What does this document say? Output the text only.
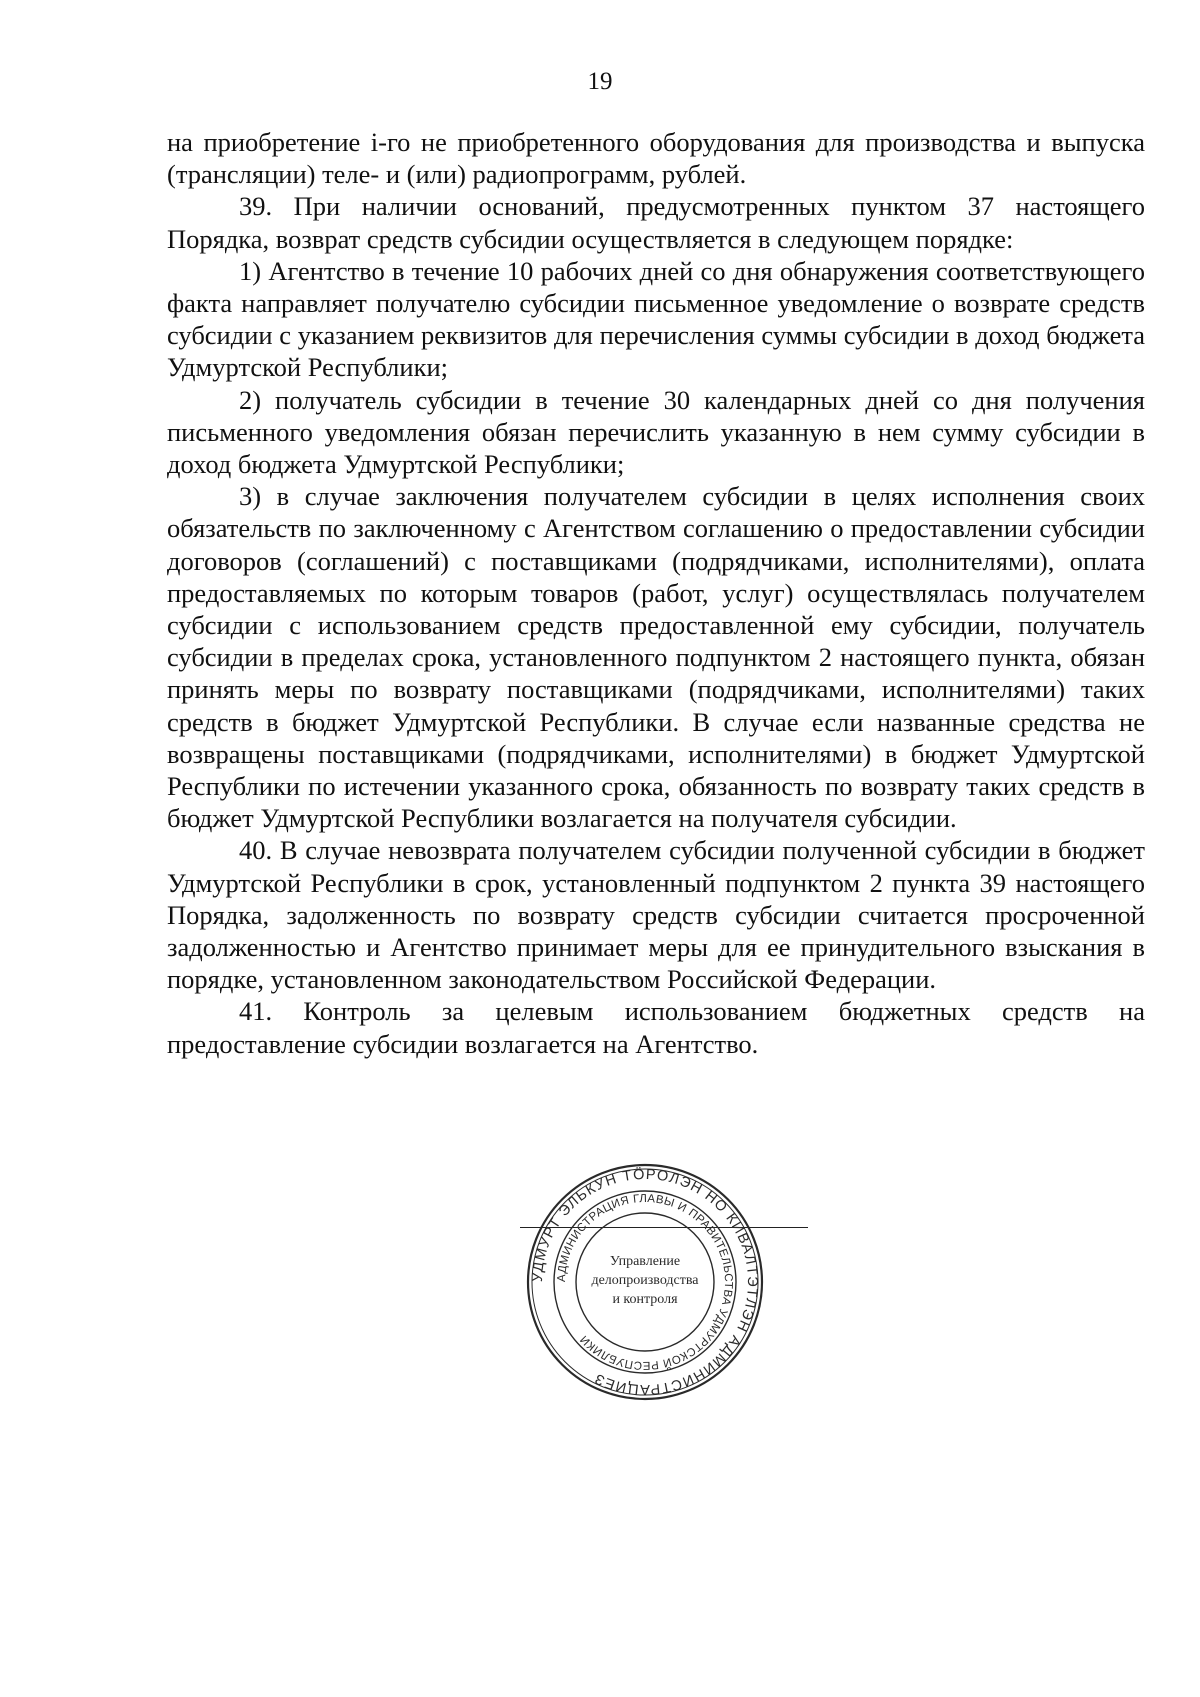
19

на приобретение i-го не приобретенного оборудования для производства и выпуска (трансляции) теле- и (или) радиопрограмм, рублей.

39. При наличии оснований, предусмотренных пунктом 37 настоящего Порядка, возврат средств субсидии осуществляется в следующем порядке:

1) Агентство в течение 10 рабочих дней со дня обнаружения соответствующего факта направляет получателю субсидии письменное уведомление о возврате средств субсидии с указанием реквизитов для перечисления суммы субсидии в доход бюджета Удмуртской Республики;

2) получатель субсидии в течение 30 календарных дней со дня получения письменного уведомления обязан перечислить указанную в нем сумму субсидии в доход бюджета Удмуртской Республики;

3) в случае заключения получателем субсидии в целях исполнения своих обязательств по заключенному с Агентством соглашению о предоставлении субсидии договоров (соглашений) с поставщиками (подрядчиками, исполнителями), оплата предоставляемых по которым товаров (работ, услуг) осуществлялась получателем субсидии с использованием средств предоставленной ему субсидии, получатель субсидии в пределах срока, установленного подпунктом 2 настоящего пункта, обязан принять меры по возврату поставщиками (подрядчиками, исполнителями) таких средств в бюджет Удмуртской Республики. В случае если названные средства не возвращены поставщиками (подрядчиками, исполнителями) в бюджет Удмуртской Республики по истечении указанного срока, обязанность по возврату таких средств в бюджет Удмуртской Республики возлагается на получателя субсидии.

40. В случае невозврата получателем субсидии полученной субсидии в бюджет Удмуртской Республики в срок, установленный подпунктом 2 пункта 39 настоящего Порядка, задолженность по возврату средств субсидии считается просроченной задолженностью и Агентство принимает меры для ее принудительного взыскания в порядке, установленном законодательством Российской Федерации.

41. Контроль за целевым использованием бюджетных средств на предоставление субсидии возлагается на Агентство.

УДМУРТ ЭЛЬКУН ТӦРОЛЭН НО КИВАЛТЭТЛЭН АДМИНИСТРАЦИЕЗ
АДМИНИСТРАЦИЯ ГЛАВЫ И ПРАВИТЕЛЬСТВА УДМУРТСКОЙ РЕСПУБЛИКИ
Управление
делопроизводства
и контроля
